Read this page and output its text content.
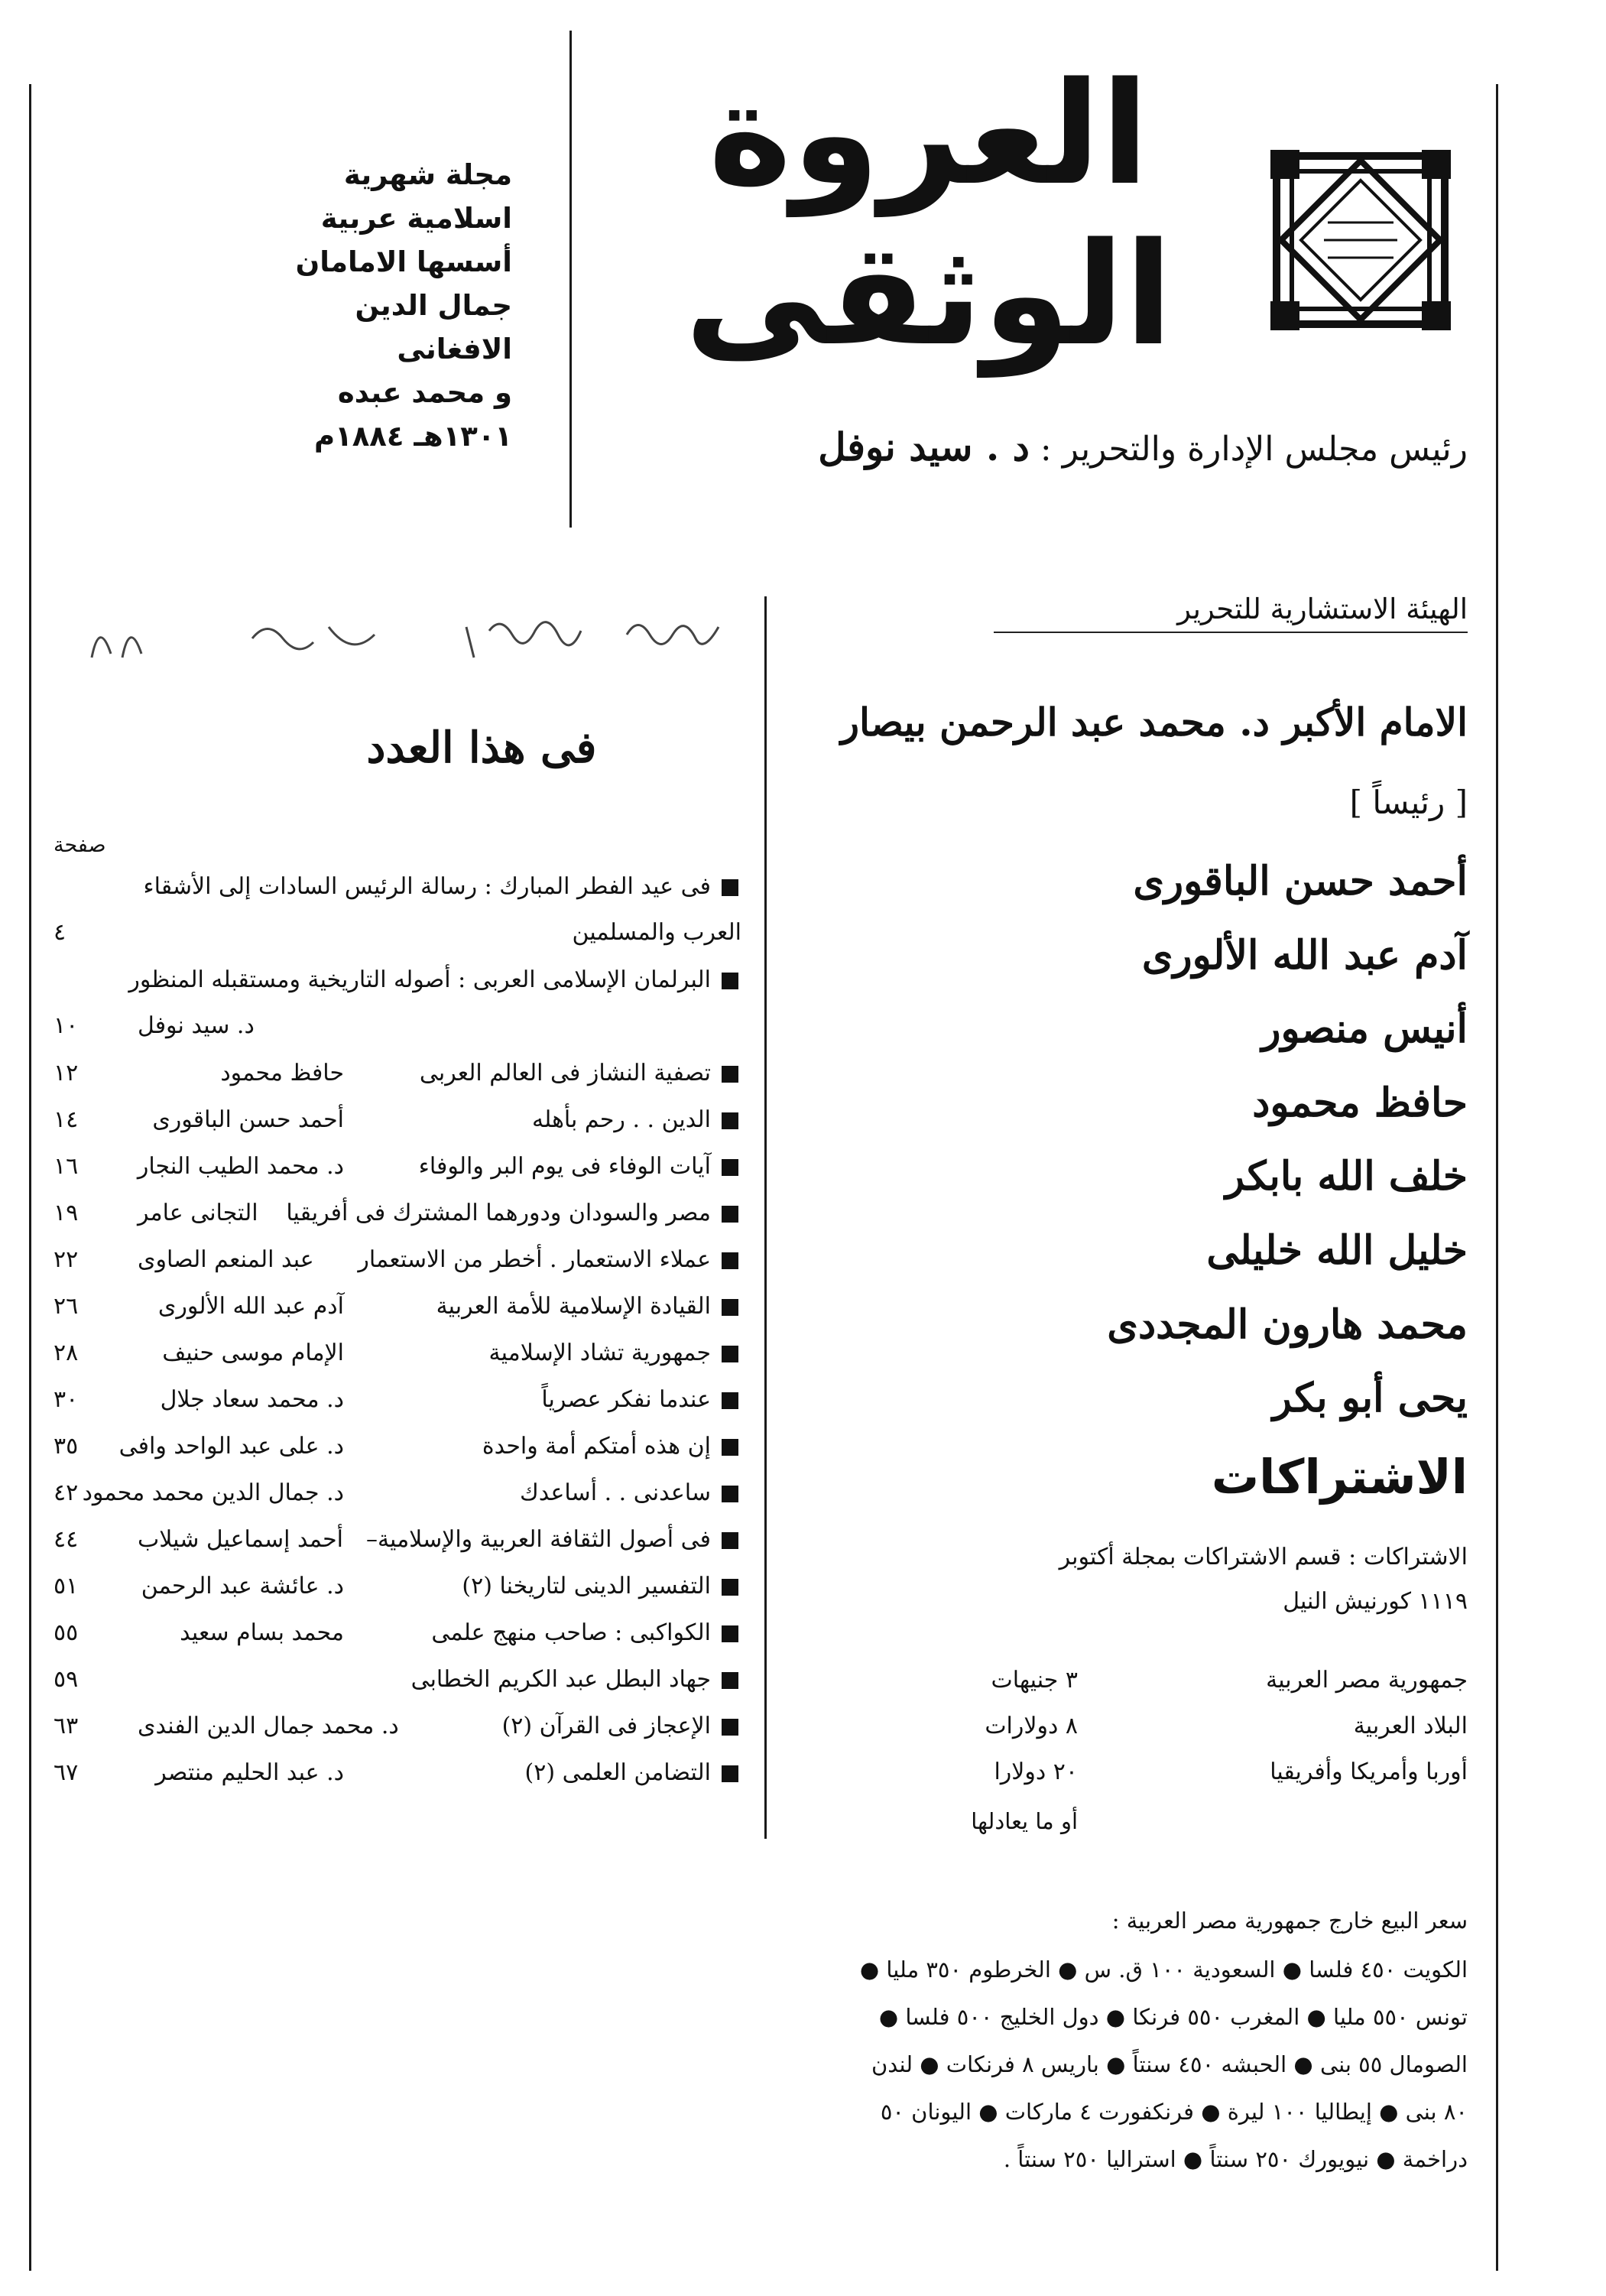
العروة
الوثقى
مجلة شهرية اسلامية عربية
أسسها الامامان
جمال الدين الافغانى
و محمد عبده
١٣٠١هـ ١٨٨٤م	رئيس مجلس الإدارة والتحرير : د . سيد نوفل
الهيئة الاستشارية للتحرير
الامام الأكبر د. محمد عبد الرحمن بيصار
[ رئيساً ]
أحمد حسن الباقورى
آدم عبد الله الألورى
أنيس منصور
حافظ محمود
خلف الله بابكر
خليل الله خليلى
محمد هارون المجددى
يحى أبو بكر
الاشتراكات
الاشتراكات : قسم الاشتراكات بمجلة أكتوبر
١١١٩ كورنيش النيل
جمهورية مصر العربية
٣ جنيهات
البلاد العربية
٨ دولارات
أوربا وأمريكا وأفريقيا
٢٠ دولارا
أو ما يعادلها
سعر البيع خارج جمهورية مصر العربية :
الكويت ٤٥٠ فلسا ● السعودية ١٠٠ ق. س ● الخرطوم ٣٥٠ مليا ●
تونس ٥٥٠ مليا ● المغرب ٥٥٠ فرنكا ● دول الخليج ٥٠٠ فلسا ●
الصومال ٥٥ بنى ● الحبشه ٤٥٠ سنتاً ● باريس ٨ فرنكات ● لندن
٨٠ بنى ● إيطاليا ١٠٠ ليرة ● فرنكفورت ٤ ماركات ● اليونان ٥٠
دراخمة ● نيويورك ٢٥٠ سنتاً ● استراليا ٢٥٠ سنتاً .
فى هذا العدد
صفحة
فى عيد الفطر المبارك : رسالة الرئيس السادات إلى الأشقاء
العرب والمسلمين
٤
البرلمان الإسلامى العربى : أصوله التاريخية ومستقبله المنظور
د. سيد نوفل
١٠
تصفية النشاز فى العالم العربى
حافظ محمود
١٢
الدين . . رحم بأهله
أحمد حسن الباقورى
١٤
آيات الوفاء فى يوم البر والوفاء
د. محمد الطيب النجار
١٦
مصر والسودان ودورهما المشترك فى أفريقيا
التجانى عامر
١٩
عملاء الاستعمار . أخطر من الاستعمار
عبد المنعم الصاوى
٢٢
القيادة الإسلامية للأمة العربية
آدم عبد الله الألورى
٢٦
جمهورية تشاد الإسلامية
الإمام موسى حنيف
٢٨
عندما نفكر عصرياً
د. محمد سعاد جلال
٣٠
إن هذه أمتكم أمة واحدة
د. على عبد الواحد وافى
٣٥
ساعدنى . . أساعدك
د. جمال الدين محمد محمود
٤٢
فى أصول الثقافة العربية والإسلامية–
أحمد إسماعيل شيلاب
٤٤
التفسير الدينى لتاريخنا (٢)
د. عائشة عبد الرحمن
٥١
الكواكبى : صاحب منهج علمى
محمد بسام سعيد
٥٥
جهاد البطل عبد الكريم الخطابى
٥٩
الإعجاز فى القرآن (٢)
د. محمد جمال الدين الفندى
٦٣
التضامن العلمى (٢)
د. عبد الحليم منتصر
٦٧
